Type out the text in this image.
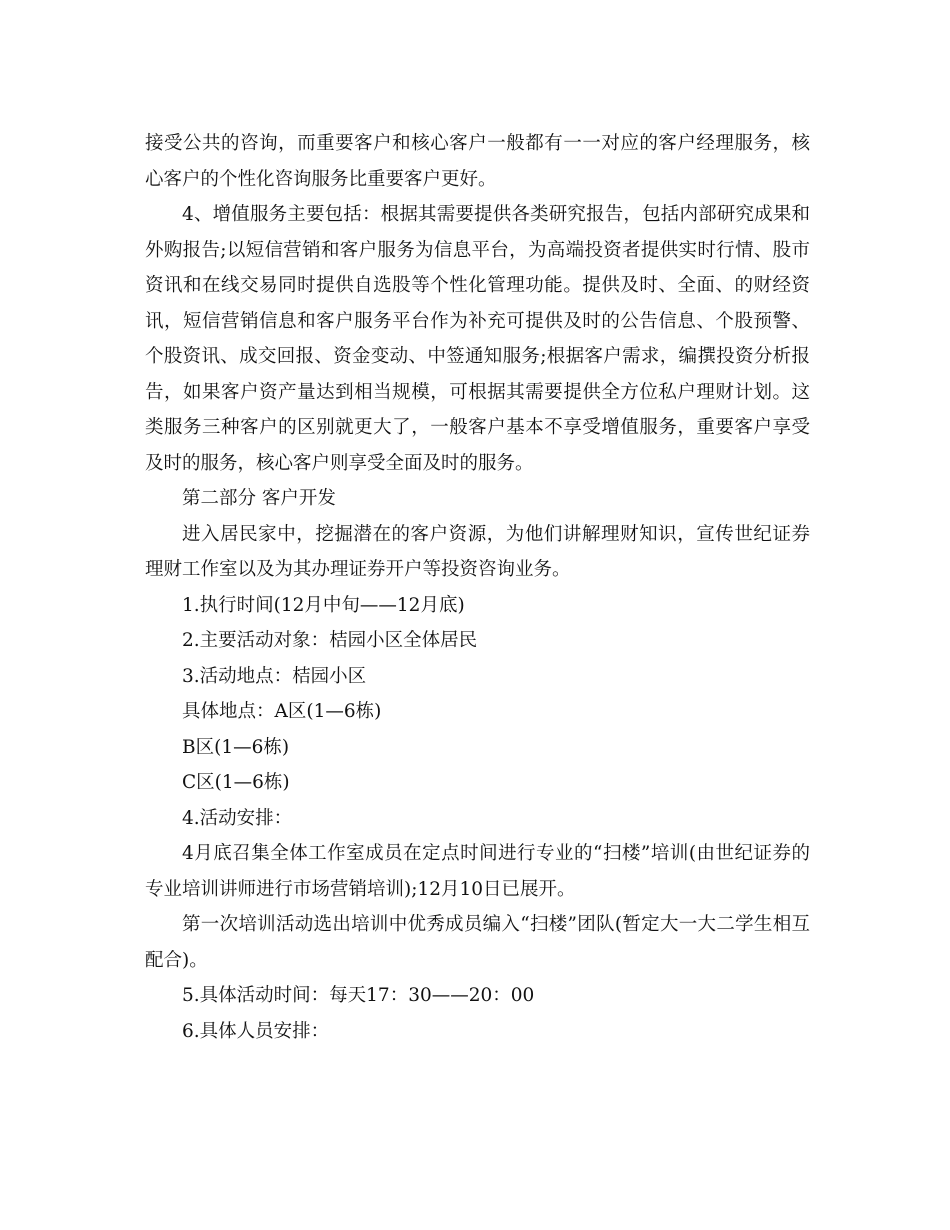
接受公共的咨询，而重要客户和核心客户一般都有一一对应的客户经理服务，核心客户的个性化咨询服务比重要客户更好。

4、增值服务主要包括：根据其需要提供各类研究报告，包括内部研究成果和外购报告;以短信营销和客户服务为信息平台，为高端投资者提供实时行情、股市资讯和在线交易同时提供自选股等个性化管理功能。提供及时、全面、的财经资讯，短信营销信息和客户服务平台作为补充可提供及时的公告信息、个股预警、个股资讯、成交回报、资金变动、中签通知服务;根据客户需求，编撰投资分析报告，如果客户资产量达到相当规模，可根据其需要提供全方位私户理财计划。这类服务三种客户的区别就更大了，一般客户基本不享受增值服务，重要客户享受及时的服务，核心客户则享受全面及时的服务。

第二部分 客户开发

进入居民家中，挖掘潜在的客户资源，为他们讲解理财知识，宣传世纪证券理财工作室以及为其办理证券开户等投资咨询业务。

1.执行时间(12月中旬——12月底)

2.主要活动对象：桔园小区全体居民

3.活动地点：桔园小区

具体地点：A区(1—6栋)

B区(1—6栋)

C区(1—6栋)

4.活动安排：

4月底召集全体工作室成员在定点时间进行专业的“扫楼”培训(由世纪证券的专业培训讲师进行市场营销培训);12月10日已展开。

第一次培训活动选出培训中优秀成员编入“扫楼”团队(暂定大一大二学生相互配合)。

5.具体活动时间：每天17：30——20：00

6.具体人员安排：
